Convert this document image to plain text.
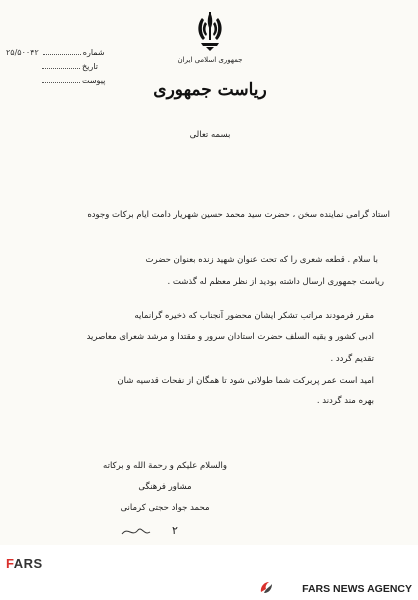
جمهوری اسلامی ایران
ریاست جمهوری
شماره۲۵/۵۰۰۴۲
تاریخ
پیوست
بسمه تعالی
استاد گرامی نماینده سخن ، حضرت سید محمد حسین شهریار دامت ایام برکات وجوده
با سلام . قطعه شعری را که تحت عنوان شهید زنده بعنوان حضرت
ریاست جمهوری ارسال داشته بودید از نظر معظم له گذشت .
مقرر فرمودند مراتب تشکر ایشان محضور آنجناب که ذخیره گرانمایه
ادبی کشور و بقیه السلف حضرت استادان سرور و مقتدا و مرشد شعرای معاصرید
تقدیم گردد .
امید است عمر پربرکت شما طولانی شود تا همگان از نفحات قدسیه شان
بهره مند گردند .
والسلام علیکم و رحمة الله و برکاته
مشاور فرهنگی
محمد جواد حجتی کرمانی
۲
FARS
FARS NEWS AGENCY
